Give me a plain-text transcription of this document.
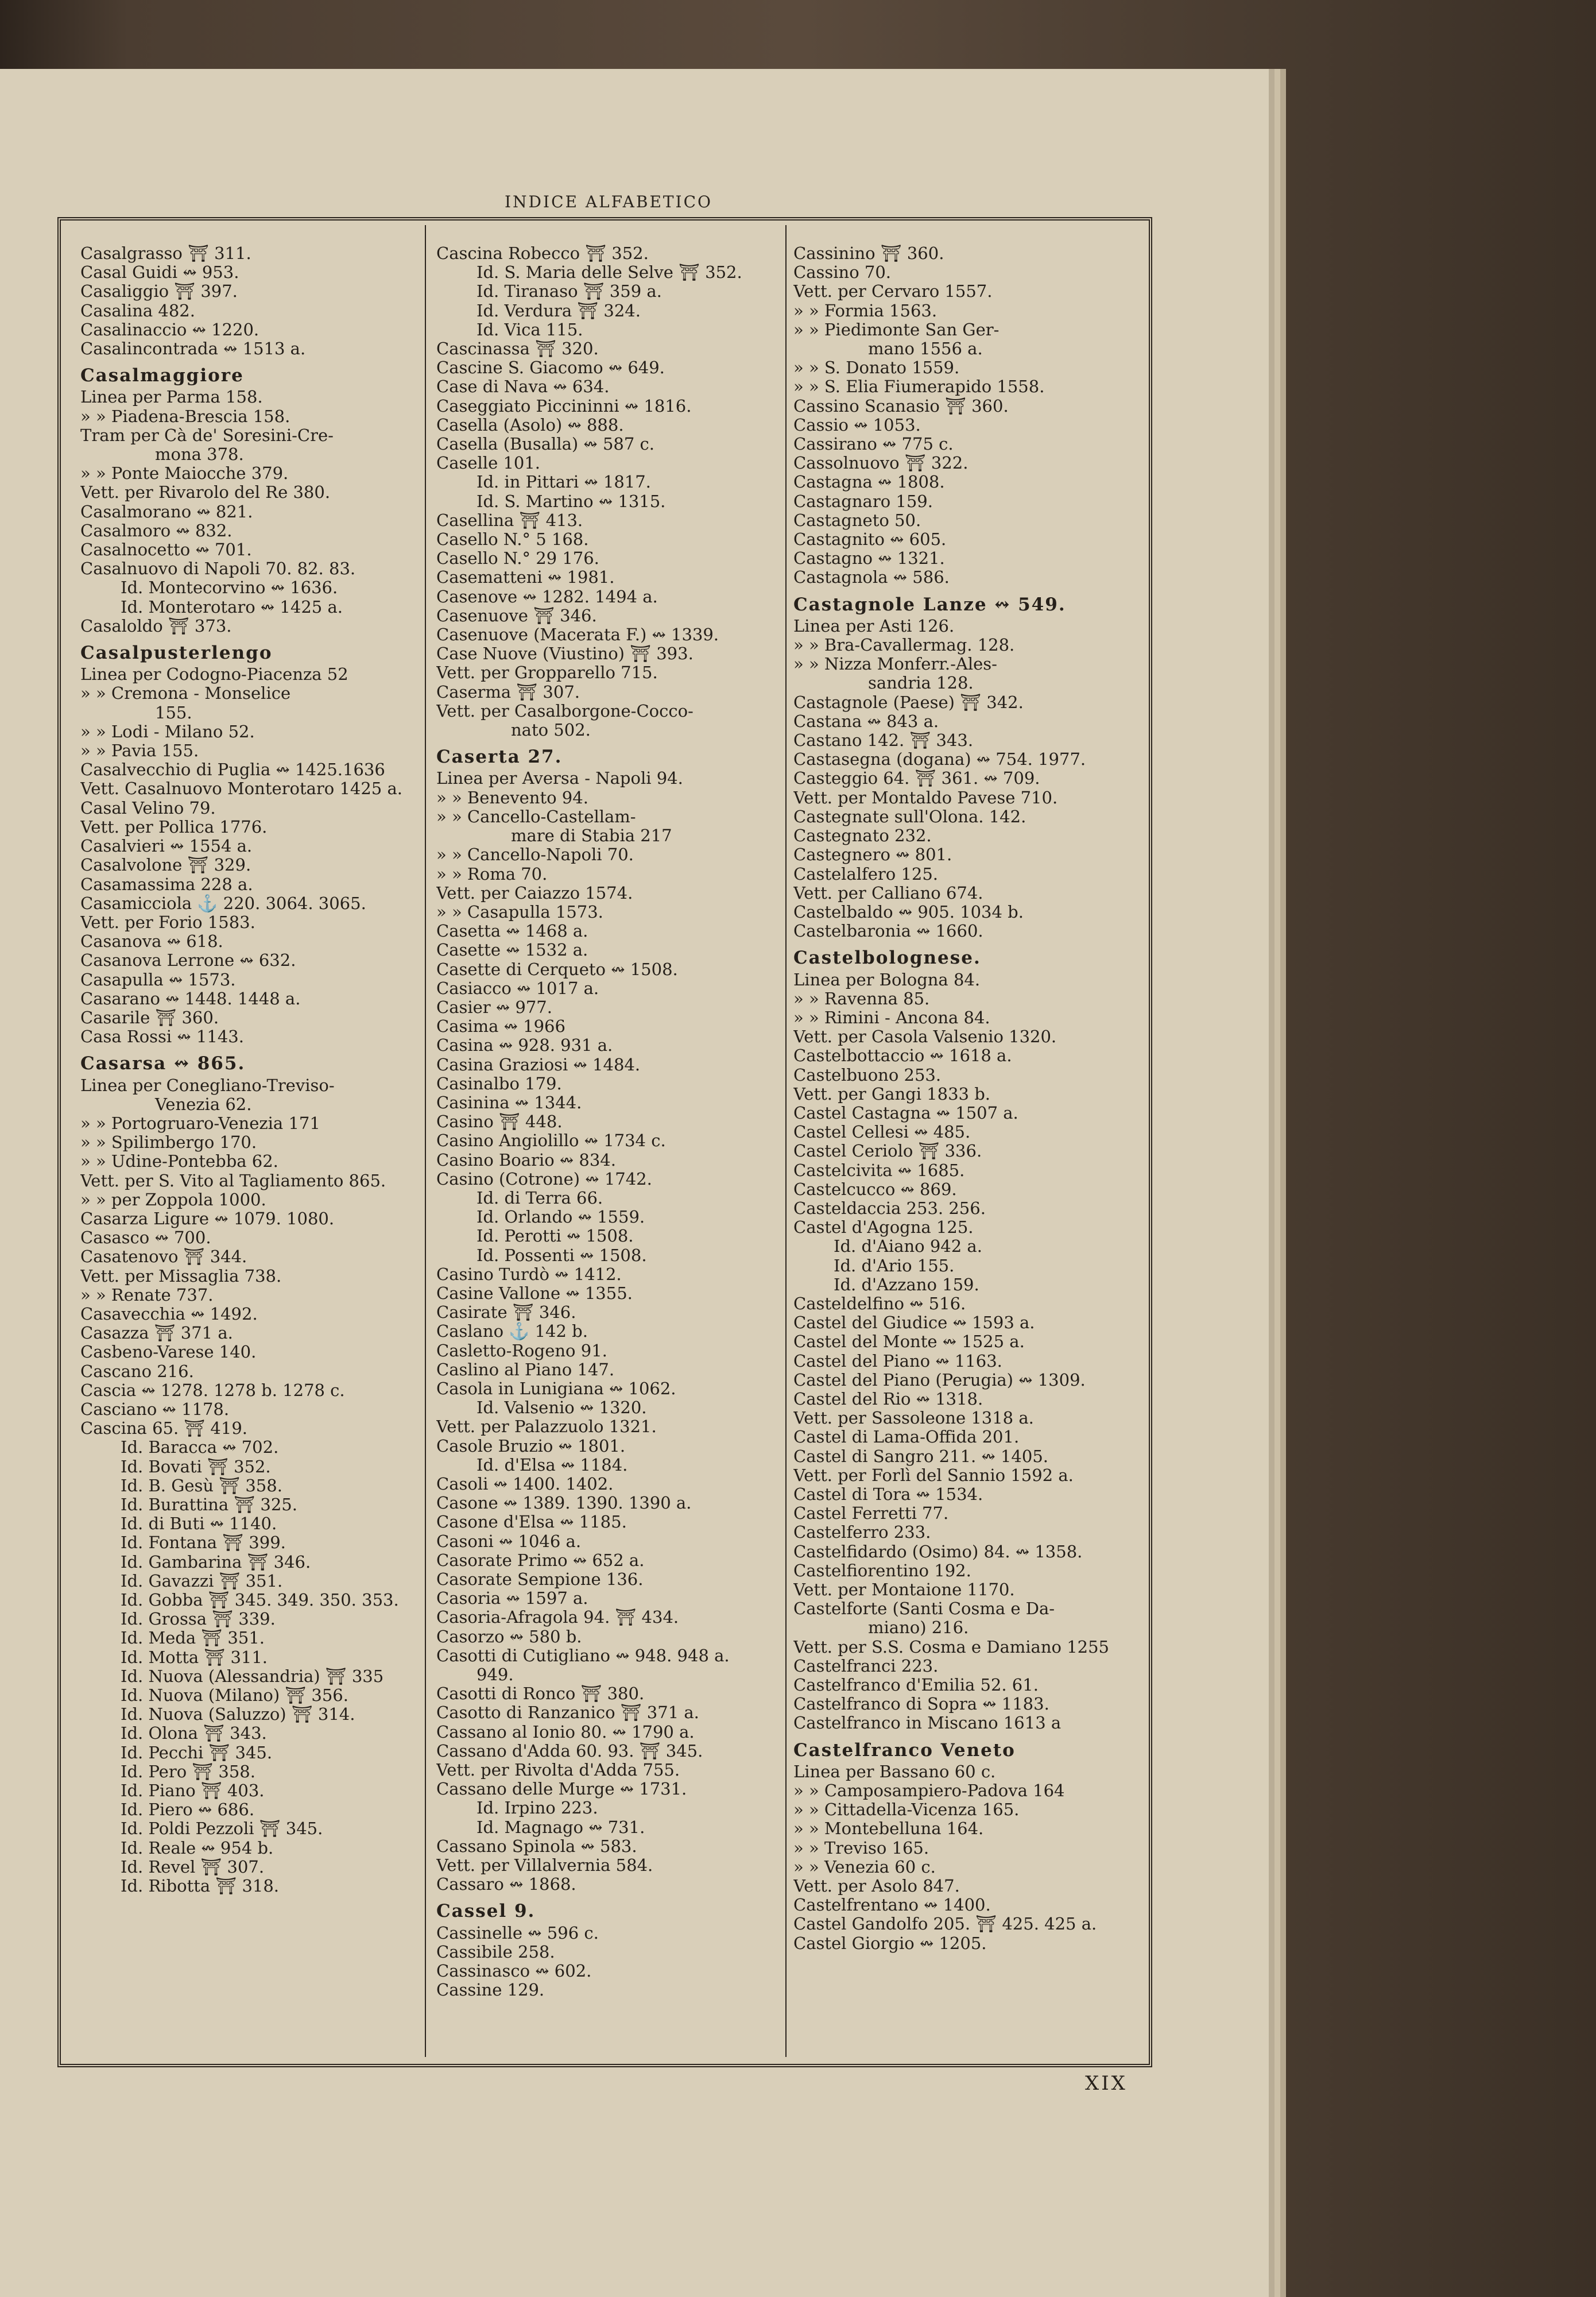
INDICE ALFABETICO
Casalgrasso ⛩ 311.
Casal Guidi ↭ 953.
Casaliggio ⛩ 397.
Casalina 482.
Casalinaccio ↭ 1220.
Casalincontrada ↭ 1513 a.
Casalmaggiore
Linea per Parma 158.
» » Piadena-Brescia 158.
Tram per Cà de' Soresini-Cre-
mona 378.
» » Ponte Maiocche 379.
Vett. per Rivarolo del Re 380.
Casalmorano ↭ 821.
Casalmoro ↭ 832.
Casalnocetto ↭ 701.
Casalnuovo di Napoli 70. 82. 83.
Id. Montecorvino ↭ 1636.
Id. Monterotaro ↭ 1425 a.
Casaloldo ⛩ 373.
Casalpusterlengo
Linea per Codogno-Piacenza 52
» » Cremona - Monselice
155.
» » Lodi - Milano 52.
» » Pavia 155.
Casalvecchio di Puglia ↭ 1425.1636
Vett. Casalnuovo Monterotaro 1425 a.
Casal Velino 79.
Vett. per Pollica 1776.
Casalvieri ↭ 1554 a.
Casalvolone ⛩ 329.
Casamassima 228 a.
Casamicciola ⚓ 220. 3064. 3065.
Vett. per Forio 1583.
Casanova ↭ 618.
Casanova Lerrone ↭ 632.
Casapulla ↭ 1573.
Casarano ↭ 1448. 1448 a.
Casarile ⛩ 360.
Casa Rossi ↭ 1143.
Casarsa ↭ 865.
Linea per Conegliano-Treviso-
Venezia 62.
» » Portogruaro-Venezia 171
» » Spilimbergo 170.
» » Udine-Pontebba 62.
Vett. per S. Vito al Tagliamento 865.
» » per Zoppola 1000.
Casarza Ligure ↭ 1079. 1080.
Casasco ↭ 700.
Casatenovo ⛩ 344.
Vett. per Missaglia 738.
» » Renate 737.
Casavecchia ↭ 1492.
Casazza ⛩ 371 a.
Casbeno-Varese 140.
Cascano 216.
Cascia ↭ 1278. 1278 b. 1278 c.
Casciano ↭ 1178.
Cascina 65. ⛩ 419.
Id. Baracca ↭ 702.
Id. Bovati ⛩ 352.
Id. B. Gesù ⛩ 358.
Id. Burattina ⛩ 325.
Id. di Buti ↭ 1140.
Id. Fontana ⛩ 399.
Id. Gambarina ⛩ 346.
Id. Gavazzi ⛩ 351.
Id. Gobba ⛩ 345. 349. 350. 353.
Id. Grossa ⛩ 339.
Id. Meda ⛩ 351.
Id. Motta ⛩ 311.
Id. Nuova (Alessandria) ⛩ 335
Id. Nuova (Milano) ⛩ 356.
Id. Nuova (Saluzzo) ⛩ 314.
Id. Olona ⛩ 343.
Id. Pecchi ⛩ 345.
Id. Pero ⛩ 358.
Id. Piano ⛩ 403.
Id. Piero ↭ 686.
Id. Poldi Pezzoli ⛩ 345.
Id. Reale ↭ 954 b.
Id. Revel ⛩ 307.
Id. Ribotta ⛩ 318.
Cascina Robecco ⛩ 352.
Id. S. Maria delle Selve ⛩ 352.
Id. Tiranaso ⛩ 359 a.
Id. Verdura ⛩ 324.
Id. Vica 115.
Cascinassa ⛩ 320.
Cascine S. Giacomo ↭ 649.
Case di Nava ↭ 634.
Caseggiato Piccininni ↭ 1816.
Casella (Asolo) ↭ 888.
Casella (Busalla) ↭ 587 c.
Caselle 101.
Id. in Pittari ↭ 1817.
Id. S. Martino ↭ 1315.
Casellina ⛩ 413.
Casello N.° 5 168.
Casello N.° 29 176.
Casematteni ↭ 1981.
Casenove ↭ 1282. 1494 a.
Casenuove ⛩ 346.
Casenuove (Macerata F.) ↭ 1339.
Case Nuove (Viustino) ⛩ 393.
Vett. per Gropparello 715.
Caserma ⛩ 307.
Vett. per Casalborgone-Cocco-
nato 502.
Caserta 27.
Linea per Aversa - Napoli 94.
» » Benevento 94.
» » Cancello-Castellam-
mare di Stabia 217
» » Cancello-Napoli 70.
» » Roma 70.
Vett. per Caiazzo 1574.
» » Casapulla 1573.
Casetta ↭ 1468 a.
Casette ↭ 1532 a.
Casette di Cerqueto ↭ 1508.
Casiacco ↭ 1017 a.
Casier ↭ 977.
Casima ↭ 1966
Casina ↭ 928. 931 a.
Casina Graziosi ↭ 1484.
Casinalbo 179.
Casinina ↭ 1344.
Casino ⛩ 448.
Casino Angiolillo ↭ 1734 c.
Casino Boario ↭ 834.
Casino (Cotrone) ↭ 1742.
Id. di Terra 66.
Id. Orlando ↭ 1559.
Id. Perotti ↭ 1508.
Id. Possenti ↭ 1508.
Casino Turdò ↭ 1412.
Casine Vallone ↭ 1355.
Casirate ⛩ 346.
Caslano ⚓ 142 b.
Casletto-Rogeno 91.
Caslino al Piano 147.
Casola in Lunigiana ↭ 1062.
Id. Valsenio ↭ 1320.
Vett. per Palazzuolo 1321.
Casole Bruzio ↭ 1801.
Id. d'Elsa ↭ 1184.
Casoli ↭ 1400. 1402.
Casone ↭ 1389. 1390. 1390 a.
Casone d'Elsa ↭ 1185.
Casoni ↭ 1046 a.
Casorate Primo ↭ 652 a.
Casorate Sempione 136.
Casoria ↭ 1597 a.
Casoria-Afragola 94. ⛩ 434.
Casorzo ↭ 580 b.
Casotti di Cutigliano ↭ 948. 948 a.
949.
Casotti di Ronco ⛩ 380.
Casotto di Ranzanico ⛩ 371 a.
Cassano al Ionio 80. ↭ 1790 a.
Cassano d'Adda 60. 93. ⛩ 345.
Vett. per Rivolta d'Adda 755.
Cassano delle Murge ↭ 1731.
Id. Irpino 223.
Id. Magnago ↭ 731.
Cassano Spinola ↭ 583.
Vett. per Villalvernia 584.
Cassaro ↭ 1868.
Cassel 9.
Cassinelle ↭ 596 c.
Cassibile 258.
Cassinasco ↭ 602.
Cassine 129.
Cassinino ⛩ 360.
Cassino 70.
Vett. per Cervaro 1557.
» » Formia 1563.
» » Piedimonte San Ger-
mano 1556 a.
» » S. Donato 1559.
» » S. Elia Fiumerapido 1558.
Cassino Scanasio ⛩ 360.
Cassio ↭ 1053.
Cassirano ↭ 775 c.
Cassolnuovo ⛩ 322.
Castagna ↭ 1808.
Castagnaro 159.
Castagneto 50.
Castagnito ↭ 605.
Castagno ↭ 1321.
Castagnola ↭ 586.
Castagnole Lanze ↭ 549.
Linea per Asti 126.
» » Bra-Cavallermag. 128.
» » Nizza Monferr.-Ales-
sandria 128.
Castagnole (Paese) ⛩ 342.
Castana ↭ 843 a.
Castano 142. ⛩ 343.
Castasegna (dogana) ↭ 754. 1977.
Casteggio 64. ⛩ 361. ↭ 709.
Vett. per Montaldo Pavese 710.
Castegnate sull'Olona. 142.
Castegnato 232.
Castegnero ↭ 801.
Castelalfero 125.
Vett. per Calliano 674.
Castelbaldo ↭ 905. 1034 b.
Castelbaronia ↭ 1660.
Castelbolognese.
Linea per Bologna 84.
» » Ravenna 85.
» » Rimini - Ancona 84.
Vett. per Casola Valsenio 1320.
Castelbottaccio ↭ 1618 a.
Castelbuono 253.
Vett. per Gangi 1833 b.
Castel Castagna ↭ 1507 a.
Castel Cellesi ↭ 485.
Castel Ceriolo ⛩ 336.
Castelcivita ↭ 1685.
Castelcucco ↭ 869.
Casteldaccia 253. 256.
Castel d'Agogna 125.
Id. d'Aiano 942 a.
Id. d'Ario 155.
Id. d'Azzano 159.
Casteldelfino ↭ 516.
Castel del Giudice ↭ 1593 a.
Castel del Monte ↭ 1525 a.
Castel del Piano ↭ 1163.
Castel del Piano (Perugia) ↭ 1309.
Castel del Rio ↭ 1318.
Vett. per Sassoleone 1318 a.
Castel di Lama-Offida 201.
Castel di Sangro 211. ↭ 1405.
Vett. per Forlì del Sannio 1592 a.
Castel di Tora ↭ 1534.
Castel Ferretti 77.
Castelferro 233.
Castelfidardo (Osimo) 84. ↭ 1358.
Castelfiorentino 192.
Vett. per Montaione 1170.
Castelforte (Santi Cosma e Da-
miano) 216.
Vett. per S.S. Cosma e Damiano 1255
Castelfranci 223.
Castelfranco d'Emilia 52. 61.
Castelfranco di Sopra ↭ 1183.
Castelfranco in Miscano 1613 a
Castelfranco Veneto
Linea per Bassano 60 c.
» » Camposampiero-Padova 164
» » Cittadella-Vicenza 165.
» » Montebelluna 164.
» » Treviso 165.
» » Venezia 60 c.
Vett. per Asolo 847.
Castelfrentano ↭ 1400.
Castel Gandolfo 205. ⛩ 425. 425 a.
Castel Giorgio ↭ 1205.
XIX
